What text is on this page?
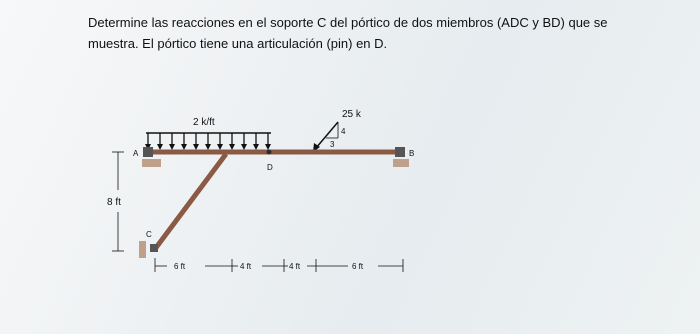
Determine las reacciones en el soporte C del pórtico de dos miembros (ADC y BD) que se

muestra. El pórtico tiene una articulación (pin) en D.

2 k/ft
25 k
4
3
A	B
C
D
8 ft
6 ft	4 ft	4 ft	6 ft
